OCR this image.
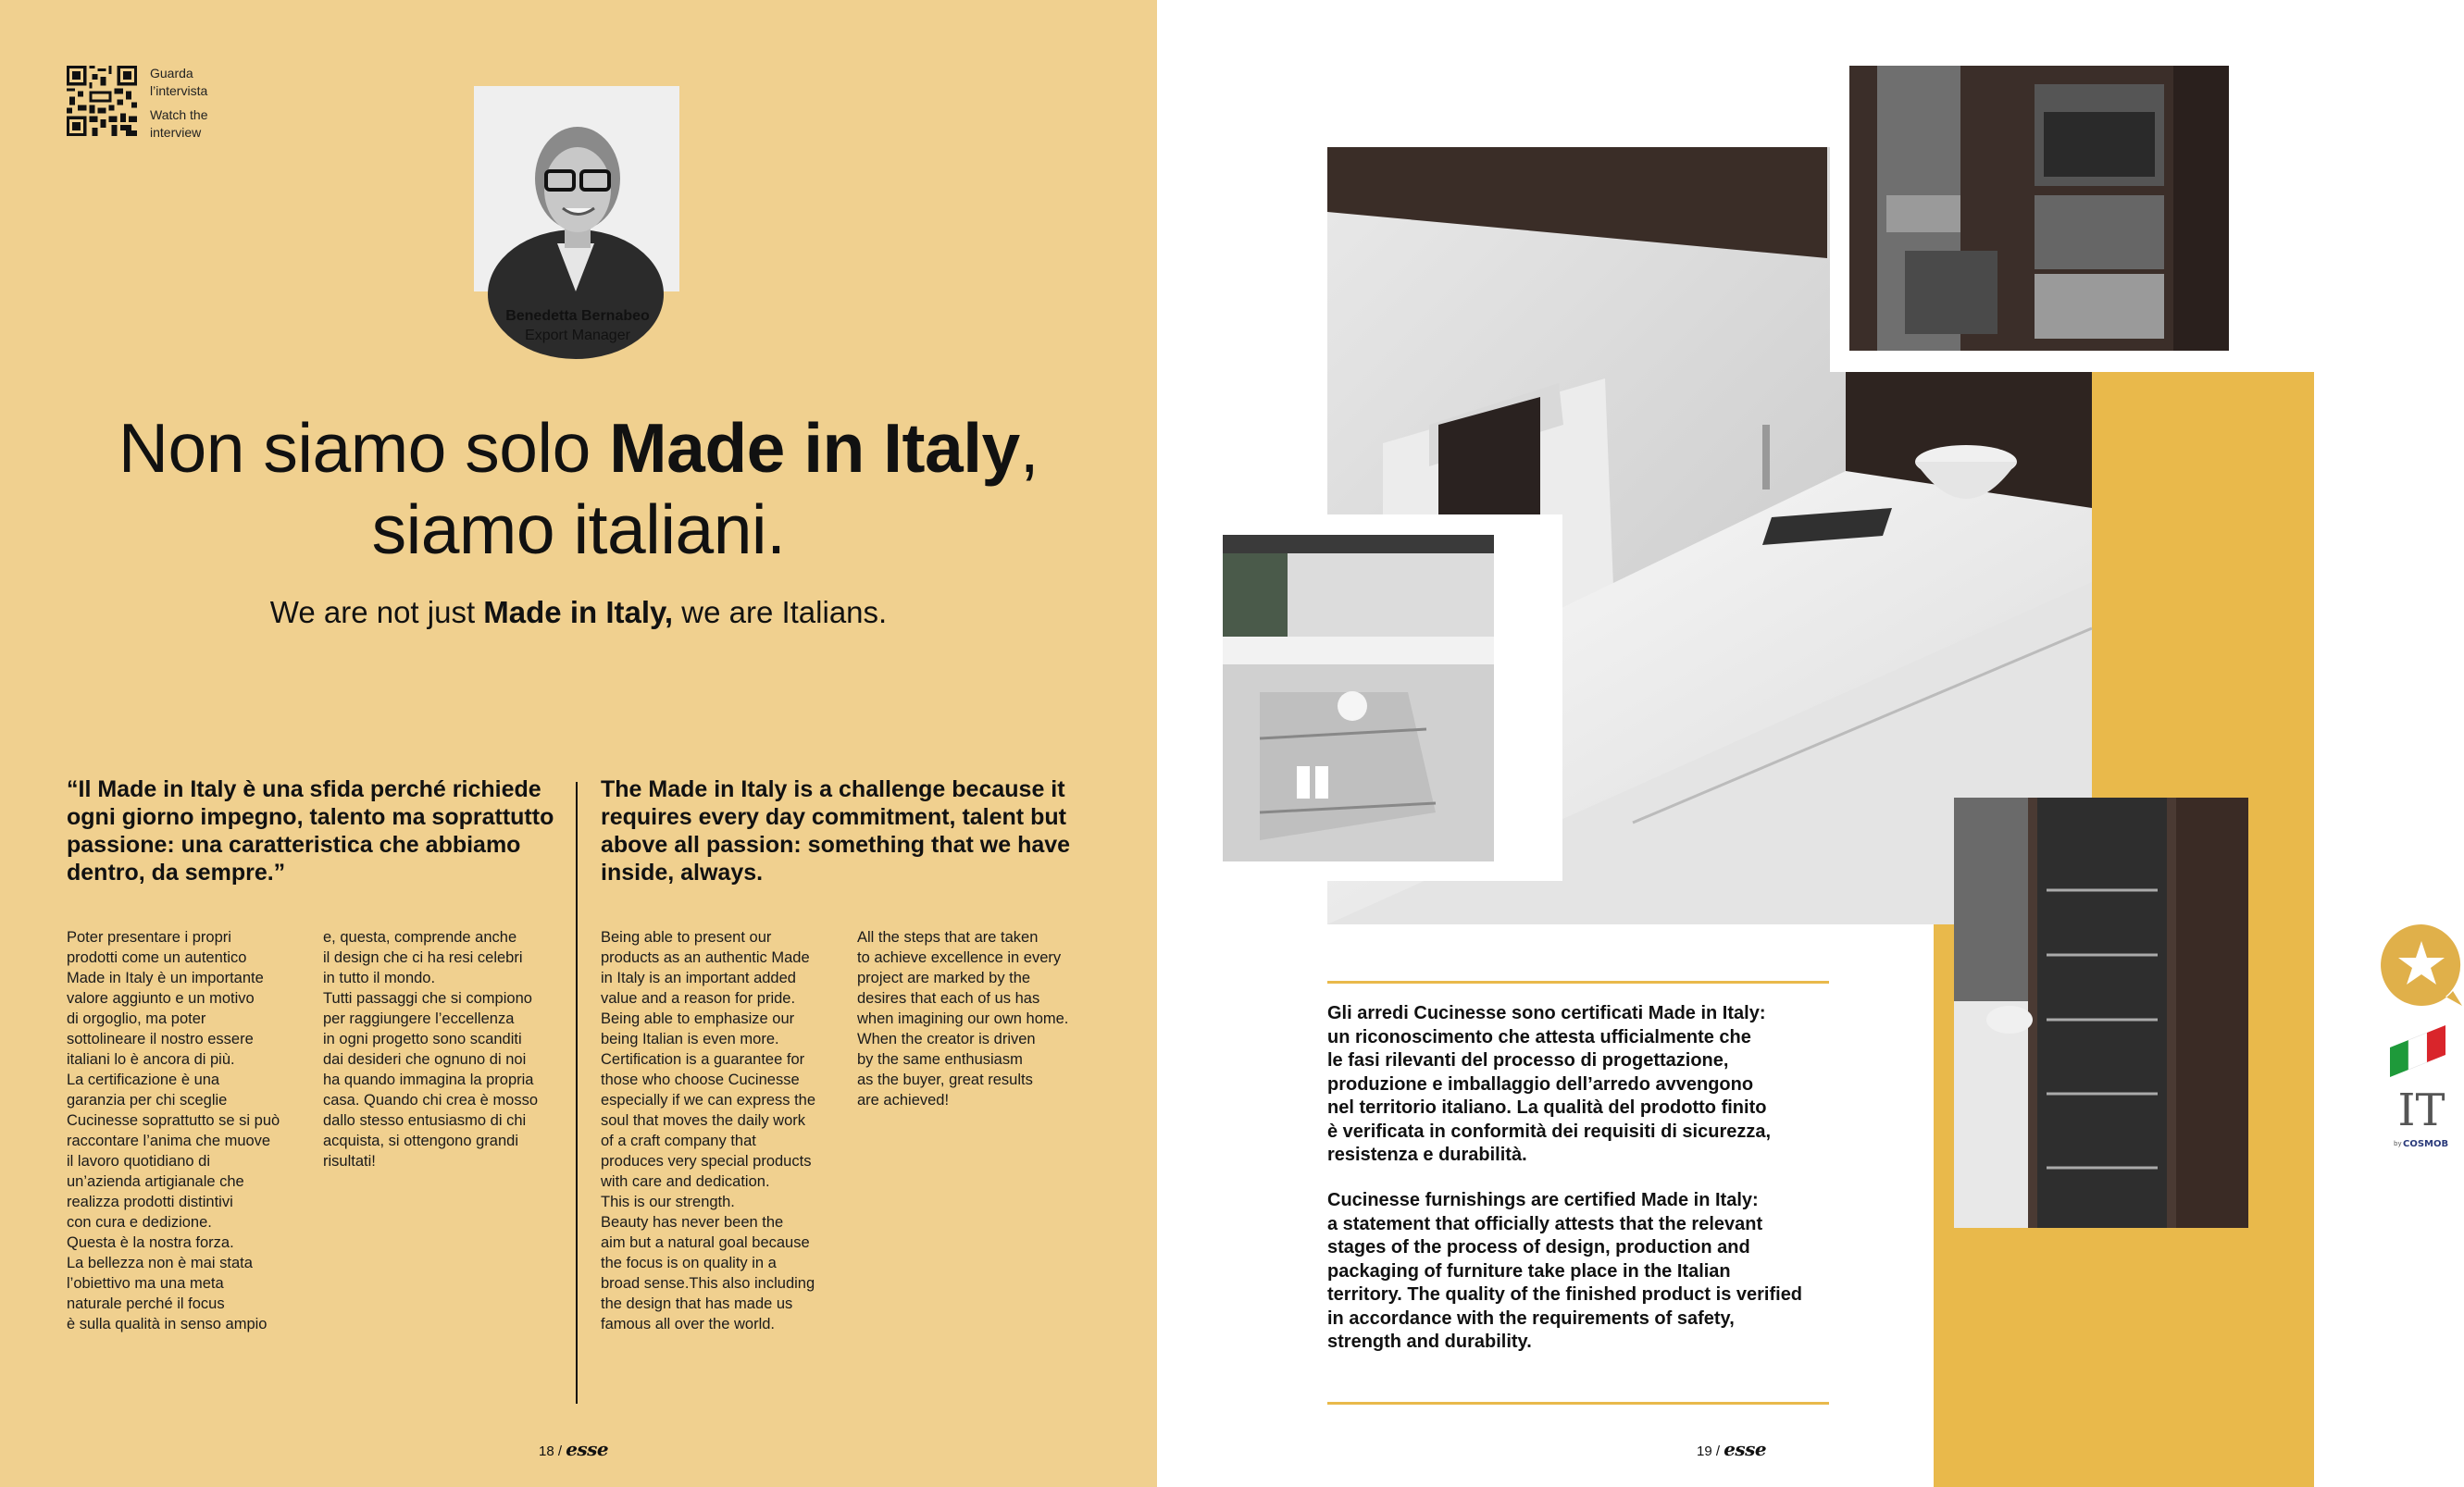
Guarda
l’intervista
Watch the
interview
Benedetta Bernabeo
Export Manager
Non siamo solo Made in Italy,
siamo italiani.
We are not just Made in Italy, we are Italians.
“Il Made in Italy è una sfida perché richiede ogni giorno impegno, talento ma soprattutto passione: una caratteristica che abbiamo dentro, da sempre.”
The Made in Italy is a challenge because it requires every day commitment, talent but above all passion: something that we have inside, always.
Poter presentare i propri
prodotti come un autentico
Made in Italy è un importante
valore aggiunto e un motivo
di orgoglio, ma poter
sottolineare il nostro essere
italiani lo è ancora di più.
La certificazione è una
garanzia per chi sceglie
Cucinesse soprattutto se si può
raccontare l’anima che muove
il lavoro quotidiano di
un’azienda artigianale che
realizza prodotti distintivi
con cura e dedizione.
Questa è la nostra forza.
La bellezza non è mai stata
l’obiettivo ma una meta
naturale perché il focus
è sulla qualità in senso ampio
e, questa, comprende anche
il design che ci ha resi celebri
in tutto il mondo.
Tutti passaggi che si compiono
per raggiungere l’eccellenza
in ogni progetto sono scanditi
dai desideri che ognuno di noi
ha quando immagina la propria
casa. Quando chi crea è mosso
dallo stesso entusiasmo di chi
acquista, si ottengono grandi
risultati!
Being able to present our
products as an authentic Made
in Italy is an important added
value and a reason for pride.
Being able to emphasize our
being Italian is even more.
Certification is a guarantee for
those who choose Cucinesse
especially if we can express the
soul that moves the daily work
of a craft company that
produces very special products
with care and dedication.
This is our strength.
Beauty has never been the
aim but a natural goal because
the focus is on quality in a
broad sense.This also including
the design that has made us
famous all over the world.
All the steps that are taken
to achieve excellence in every
project are marked by the
desires that each of us has
when imagining our own home.
When the creator is driven
by the same enthusiasm
as the buyer, great results
are achieved!
18 / esse
IT
by COSMOB
Gli arredi Cucinesse sono certificati Made in Italy:
un riconoscimento che attesta ufficialmente che
le fasi rilevanti del processo di progettazione,
produzione e imballaggio dell’arredo avvengono
nel territorio italiano. La qualità del prodotto finito
è verificata in conformità dei requisiti di sicurezza,
resistenza e durabilità.
Cucinesse furnishings are certified Made in Italy:
a statement that officially attests that the relevant
stages of the process of design, production and
packaging of furniture take place in the Italian
territory. The quality of the finished product is verified
in accordance with the requirements of safety,
strength and durability.
19 / esse
